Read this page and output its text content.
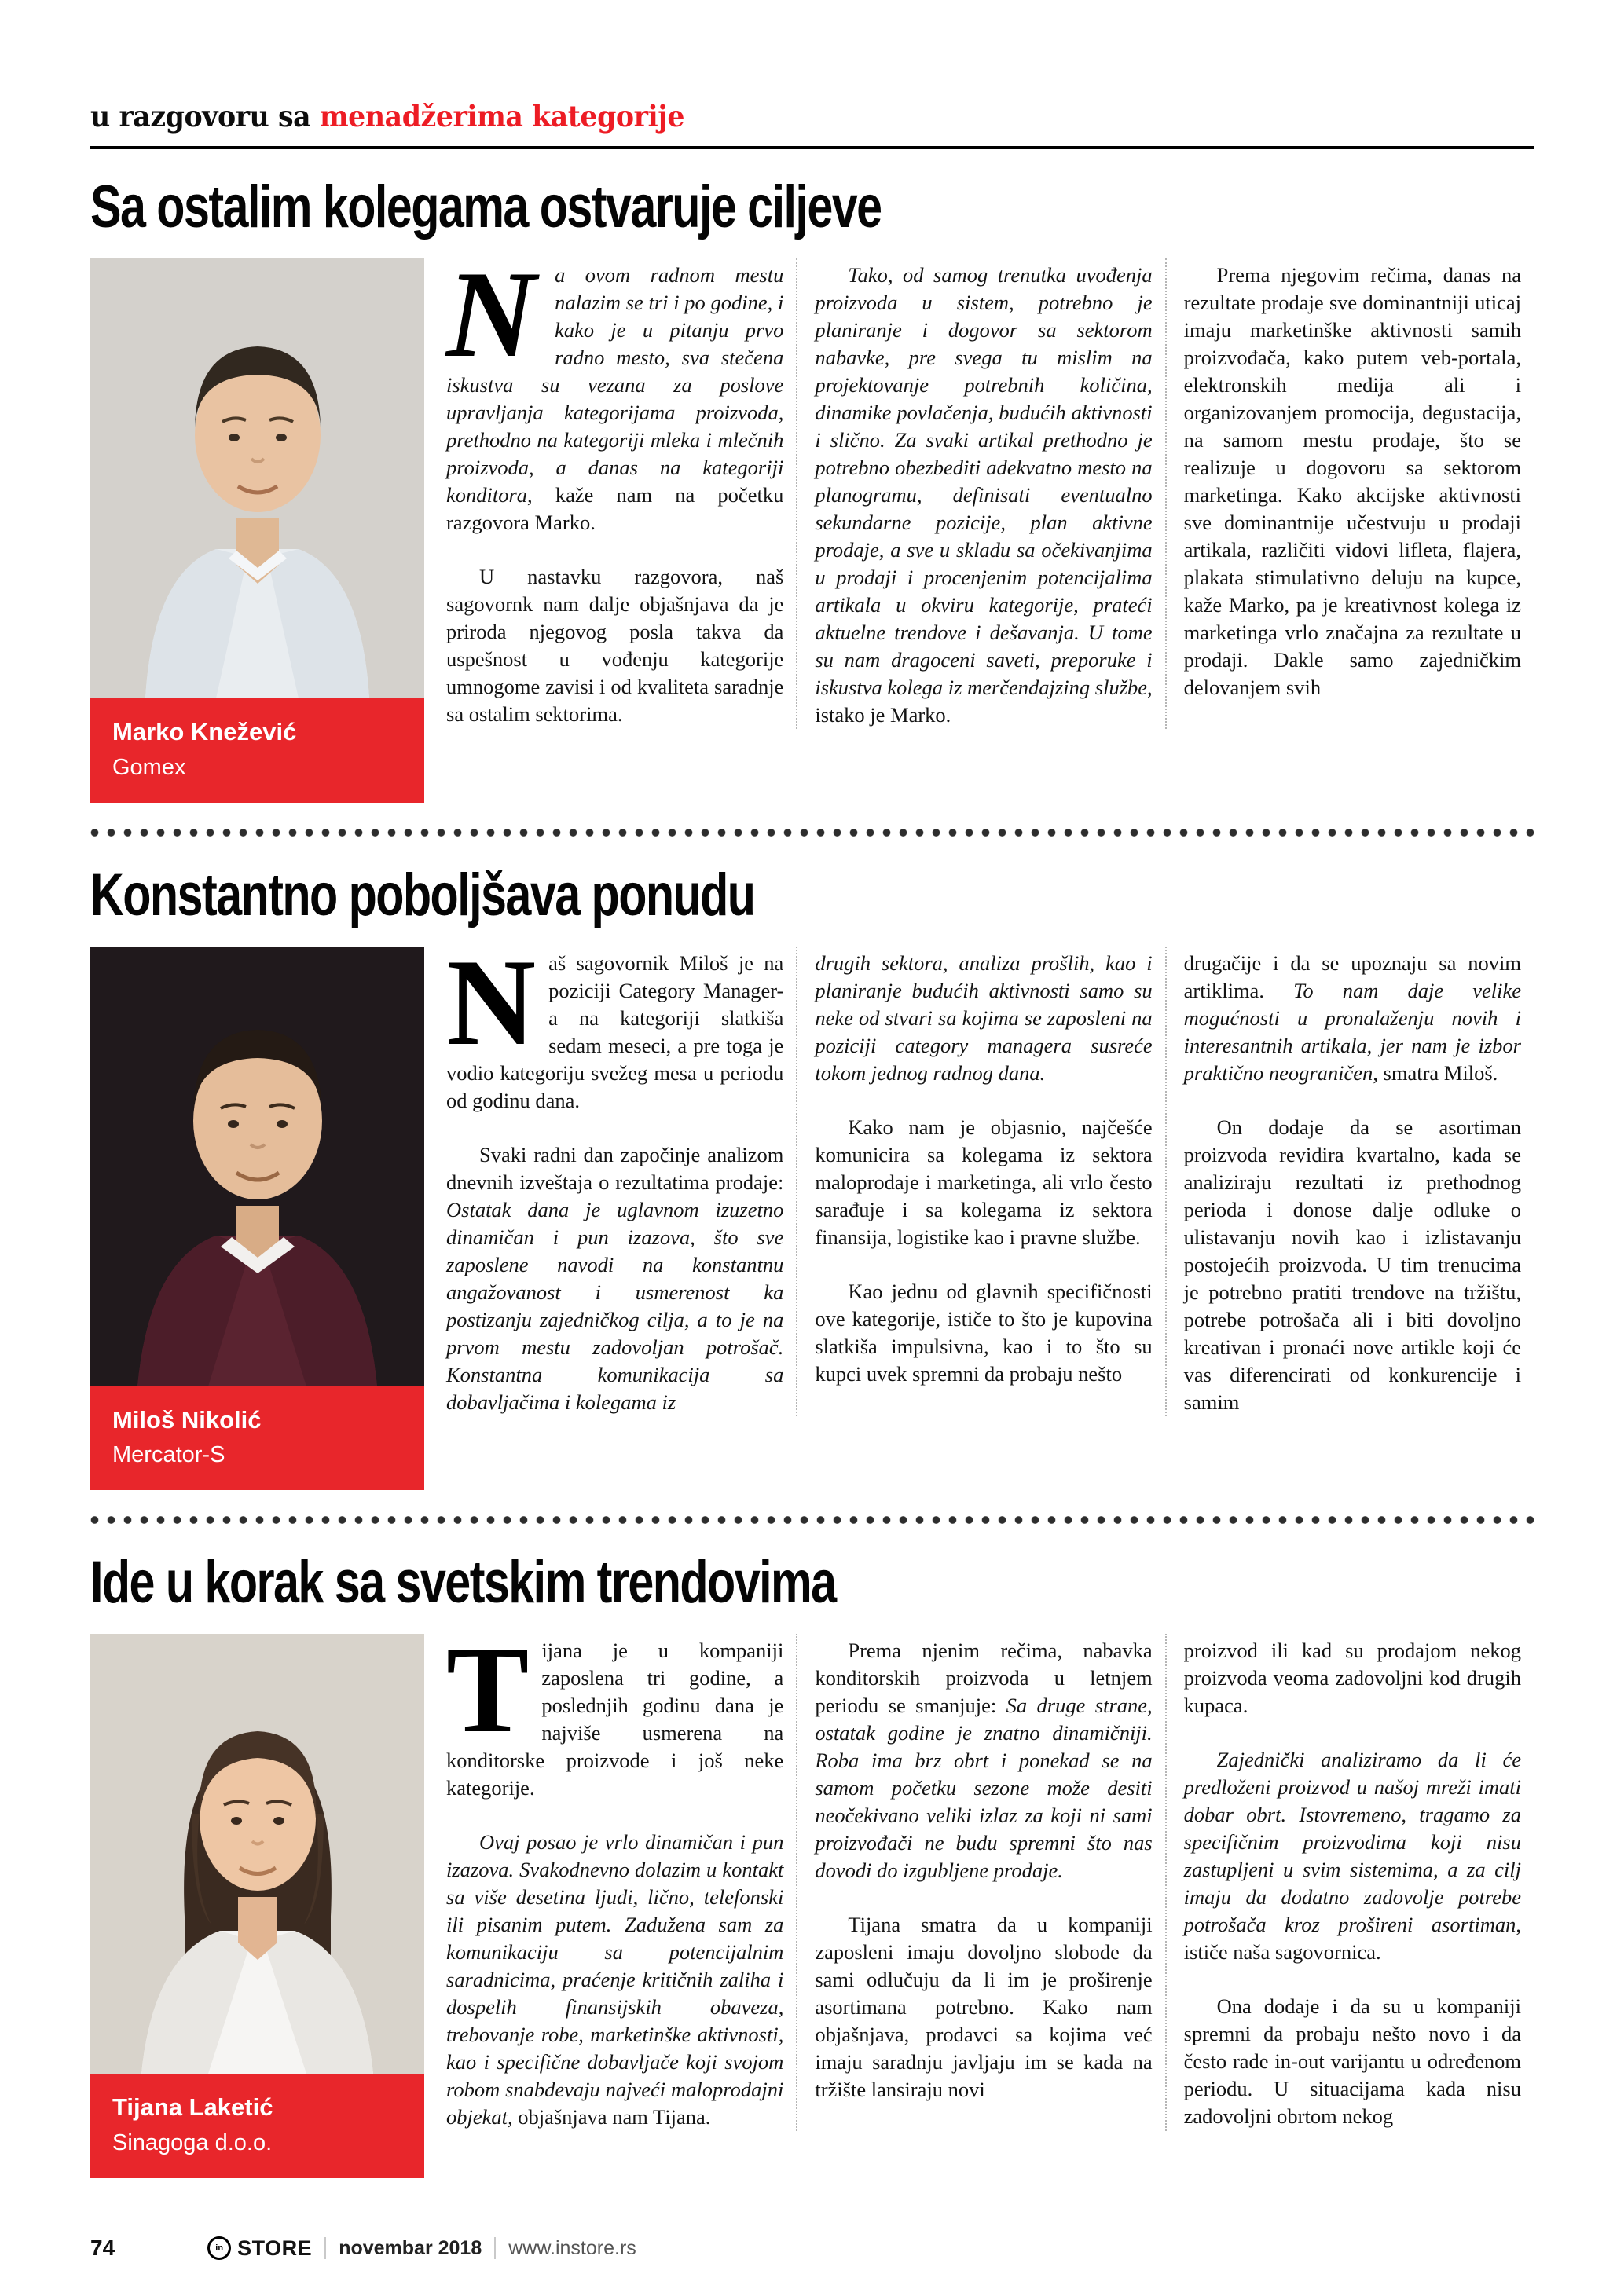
u razgovoru sa menadžerima kategorije
Sa ostalim kolegama ostvaruje ciljeve
Marko Knežević
Gomex

Na ovom radnom mestu nalazim se tri i po godine, i kako je u pitanju prvo radno mesto, sva stečena iskustva su vezana za poslove upravljanja kategorijama proizvoda, prethodno na kategoriji mleka i mlečnih proizvoda, a danas na kategoriji konditora, kaže nam na početku razgovora Marko.

U nastavku razgovora, naš sagovornk nam dalje objašnjava da je priroda njegovog posla takva da uspešnost u vođenju kategorije umnogome zavisi i od kvaliteta saradnje sa ostalim sektorima.

Tako, od samog trenutka uvođenja proizvoda u sistem, potrebno je planiranje i dogovor sa sektorom nabavke, pre svega tu mislim na projektovanje potrebnih količina, dinamike povlačenja, budućih aktivnosti i slično. Za svaki artikal prethodno je potrebno obezbediti adekvatno mesto na planogramu, definisati eventualno sekundarne pozicije, plan aktivne prodaje, a sve u skladu sa očekivanjima u prodaji i procenjenim potencijalima artikala u okviru kategorije, prateći aktuelne trendove i dešavanja. U tome su nam dragoceni saveti, preporuke i iskustva kolega iz merčendajzing službe, istako je Marko.

Prema njegovim rečima, danas na rezultate prodaje sve dominantniji uticaj imaju marketinške aktivnosti samih proizvođača, kako putem veb-portala, elektronskih medija ali i organizovanjem promocija, degustacija, na samom mestu prodaje, što se realizuje u dogovoru sa sektorom marketinga. Kako akcijske aktivnosti sve dominantnije učestvuju u prodaji artikala, različiti vidovi lifleta, flajera, plakata stimulativno deluju na kupce, kaže Marko, pa je kreativnost kolega iz marketinga vrlo značajna za rezultate u prodaji. Dakle samo zajedničkim delovanjem svih

Konstantno poboljšava ponudu
Miloš Nikolić
Mercator-S

Naš sagovornik Miloš je na poziciji Category Manager-a na kategoriji slatkiša sedam meseci, a pre toga je vodio kategoriju svežeg mesa u periodu od godinu dana.

Svaki radni dan započinje analizom dnevnih izveštaja o rezultatima prodaje: Ostatak dana je uglavnom izuzetno dinamičan i pun izazova, što sve zaposlene navodi na konstantnu angažovanost i usmerenost ka postizanju zajedničkog cilja, a to je na prvom mestu zadovoljan potrošač. Konstantna komunikacija sa dobavljačima i kolegama iz

drugih sektora, analiza prošlih, kao i planiranje budućih aktivnosti samo su neke od stvari sa kojima se zaposleni na poziciji category managera susreće tokom jednog radnog dana.

Kako nam je objasnio, najčešće komunicira sa kolegama iz sektora maloprodaje i marketinga, ali vrlo često sarađuje i sa kolegama iz sektora finansija, logistike kao i pravne službe.

Kao jednu od glavnih specifičnosti ove kategorije, ističe to što je kupovina slatkiša impulsivna, kao i to što su kupci uvek spremni da probaju nešto

drugačije i da se upoznaju sa novim artiklima. To nam daje velike mogućnosti u pronalaženju novih i interesantnih artikala, jer nam je izbor praktično neograničen, smatra Miloš.

On dodaje da se asortiman proizvoda revidira kvartalno, kada se analiziraju rezultati iz prethodnog perioda i donose dalje odluke o ulistavanju novih kao i izlistavanju postojećih proizvoda. U tim trenucima je potrebno pratiti trendove na tržištu, potrebe potrošača ali i biti dovoljno kreativan i pronaći nove artikle koji će vas diferencirati od konkurencije i samim

Ide u korak sa svetskim trendovima
Tijana Laketić
Sinagoga d.o.o.

Tijana je u kompaniji zaposlena tri godine, a poslednjih godinu dana je najviše usmerena na konditorske proizvode i još neke kategorije.

Ovaj posao je vrlo dinamičan i pun izazova. Svakodnevno dolazim u kontakt sa više desetina ljudi, lično, telefonski ili pisanim putem. Zadužena sam za komunikaciju sa potencijalnim saradnicima, praćenje kritičnih zaliha i dospelih finansijskih obaveza, trebovanje robe, marketinške aktivnosti, kao i specifične dobavljače koji svojom robom snabdevaju najveći maloprodajni objekat, objašnjava nam Tijana.

Prema njenim rečima, nabavka konditorskih proizvoda u letnjem periodu se smanjuje: Sa druge strane, ostatak godine je znatno dinamičniji. Roba ima brz obrt i ponekad se na samom početku sezone može desiti neočekivano veliki izlaz za koji ni sami proizvođači ne budu spremni što nas dovodi do izgubljene prodaje.

Tijana smatra da u kompaniji zaposleni imaju dovoljno slobode da sami odlučuju da li im je proširenje asortimana potrebno. Kako nam objašnjava, prodavci sa kojima već imaju saradnju javljaju im se kada na tržište lansiraju novi

proizvod ili kad su prodajom nekog proizvoda veoma zadovoljni kod drugih kupaca.

Zajednički analiziramo da li će predloženi proizvod u našoj mreži imati dobar obrt. Istovremeno, tragamo za specifičnim proizvodima koji nisu zastupljeni u svim sistemima, a za cilj imaju da dodatno zadovolje potrebe potrošača kroz prošireni asortiman, ističe naša sagovornica.

Ona dodaje i da su u kompaniji spremni da probaju nešto novo i da često rade in-out varijantu u određenom periodu. U situacijama kada nisu zadovoljni obrtom nekog

74	in STORE novembar 2018 www.instore.rs
